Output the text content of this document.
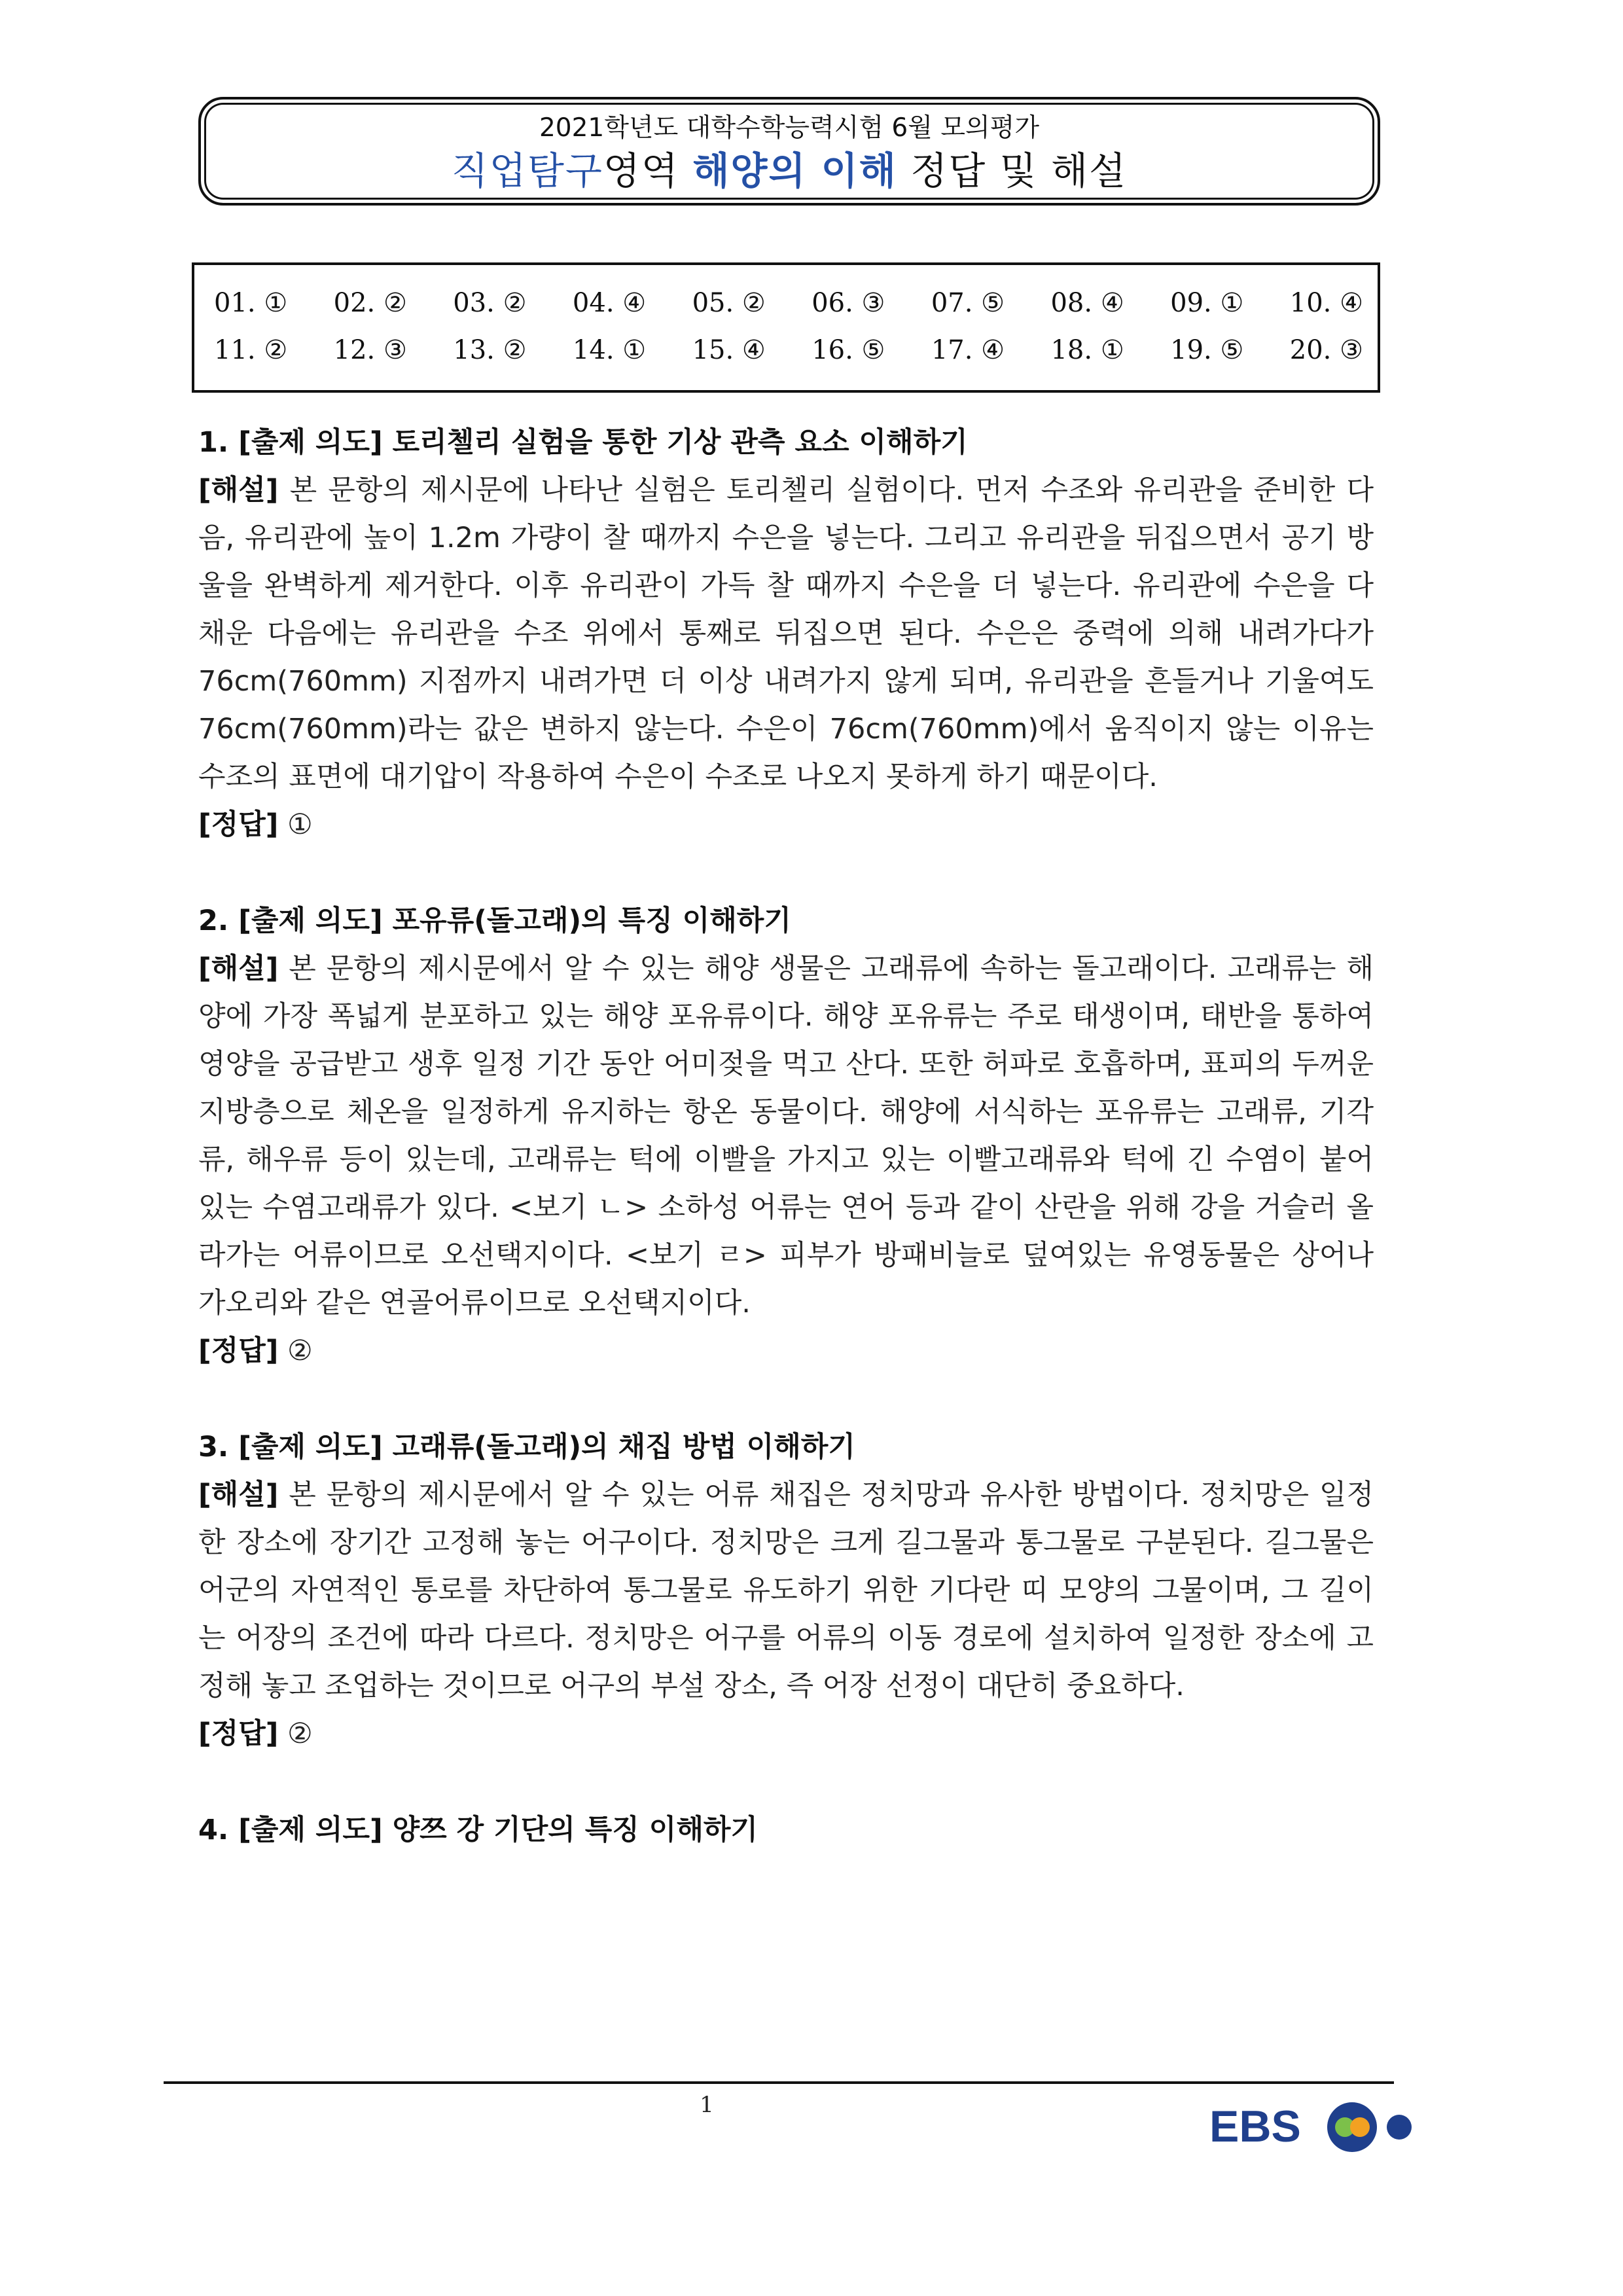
2021학년도 대학수학능력시험 6월 모의평가
직업탐구영역 해양의 이해 정답 및 해설
01. ① 02. ② 03. ② 04. ④ 05. ② 06. ③ 07. ⑤ 08. ④ 09. ① 10. ④
11. ② 12. ③ 13. ② 14. ① 15. ④ 16. ⑤ 17. ④ 18. ① 19. ⑤ 20. ③
1. [출제 의도] 토리첼리 실험을 통한 기상 관측 요소 이해하기
[해설] 본 문항의 제시문에 나타난 실험은 토리첼리 실험이다. 먼저 수조와 유리관을 준비한 다음, 유리관에 높이 1.2m 가량이 찰 때까지 수은을 넣는다. 그리고 유리관을 뒤집으면서 공기 방울을 완벽하게 제거한다. 이후 유리관이 가득 찰 때까지 수은을 더 넣는다. 유리관에 수은을 다 채운 다음에는 유리관을 수조 위에서 통째로 뒤집으면 된다. 수은은 중력에 의해 내려가다가 76cm(760mm) 지점까지 내려가면 더 이상 내려가지 않게 되며, 유리관을 흔들거나 기울여도 76cm(760mm)라는 값은 변하지 않는다. 수은이 76cm(760mm)에서 움직이지 않는 이유는 수조의 표면에 대기압이 작용하여 수은이 수조로 나오지 못하게 하기 때문이다.
[정답] ①
2. [출제 의도] 포유류(돌고래)의 특징 이해하기
[해설] 본 문항의 제시문에서 알 수 있는 해양 생물은 고래류에 속하는 돌고래이다. 고래류는 해양에 가장 폭넓게 분포하고 있는 해양 포유류이다. 해양 포유류는 주로 태생이며, 태반을 통하여 영양을 공급받고 생후 일정 기간 동안 어미젖을 먹고 산다. 또한 허파로 호흡하며, 표피의 두꺼운 지방층으로 체온을 일정하게 유지하는 항온 동물이다. 해양에 서식하는 포유류는 고래류, 기각류, 해우류 등이 있는데, 고래류는 턱에 이빨을 가지고 있는 이빨고래류와 턱에 긴 수염이 붙어 있는 수염고래류가 있다. <보기 ㄴ> 소하성 어류는 연어 등과 같이 산란을 위해 강을 거슬러 올라가는 어류이므로 오선택지이다. <보기 ㄹ> 피부가 방패비늘로 덮여있는 유영동물은 상어나 가오리와 같은 연골어류이므로 오선택지이다.
[정답] ②
3. [출제 의도] 고래류(돌고래)의 채집 방법 이해하기
[해설] 본 문항의 제시문에서 알 수 있는 어류 채집은 정치망과 유사한 방법이다. 정치망은 일정한 장소에 장기간 고정해 놓는 어구이다. 정치망은 크게 길그물과 통그물로 구분된다. 길그물은 어군의 자연적인 통로를 차단하여 통그물로 유도하기 위한 기다란 띠 모양의 그물이며, 그 길이는 어장의 조건에 따라 다르다. 정치망은 어구를 어류의 이동 경로에 설치하여 일정한 장소에 고정해 놓고 조업하는 것이므로 어구의 부설 장소, 즉 어장 선정이 대단히 중요하다.
[정답] ②
4. [출제 의도] 양쯔 강 기단의 특징 이해하기
1	EBS
